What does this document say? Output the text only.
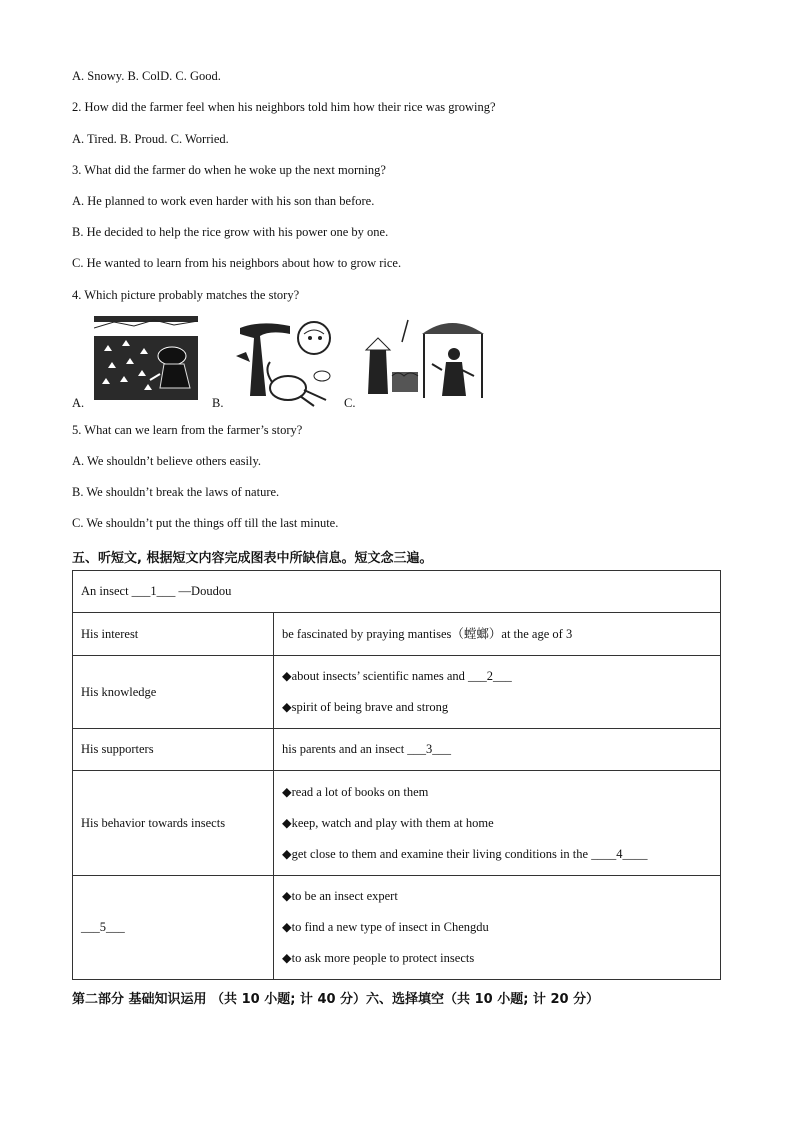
A. Snowy. B. ColD. C. Good.
2. How did the farmer feel when his neighbors told him how their rice was growing?
A. Tired. B. Proud. C. Worried.
3. What did the farmer do when he woke up the next morning?
A. He planned to work even harder with his son than before.
B. He decided to help the rice grow with his power one by one.
C. He wanted to learn from his neighbors about how to grow rice.
4. Which picture probably matches the story?
A.	B.	C.
5. What can we learn from the farmer’s story?
A. We shouldn’t believe others easily.
B. We shouldn’t break the laws of nature.
C. We shouldn’t put the things off till the last minute.
五、听短文, 根据短文内容完成图表中所缺信息。短文念三遍。
An insect ___1___ —Doudou	
His interest	be fascinated by praying mantises（螳螂）at the age of 3

His knowledge	◆about insects’ scientific names and ___2___
◆spirit of being brave and strong

His supporters	his parents and an insect ___3___

His behavior towards insects	◆read a lot of books on them
◆keep, watch and play with them at home
◆get close to them and examine their living conditions in the ____4____

___5___	◆to be an insect expert
◆to find a new type of insect in Chengdu
◆to ask more people to protect insects
第二部分 基础知识运用 （共 10 小题; 计 40 分）六、选择填空（共 10 小题; 计 20 分）
